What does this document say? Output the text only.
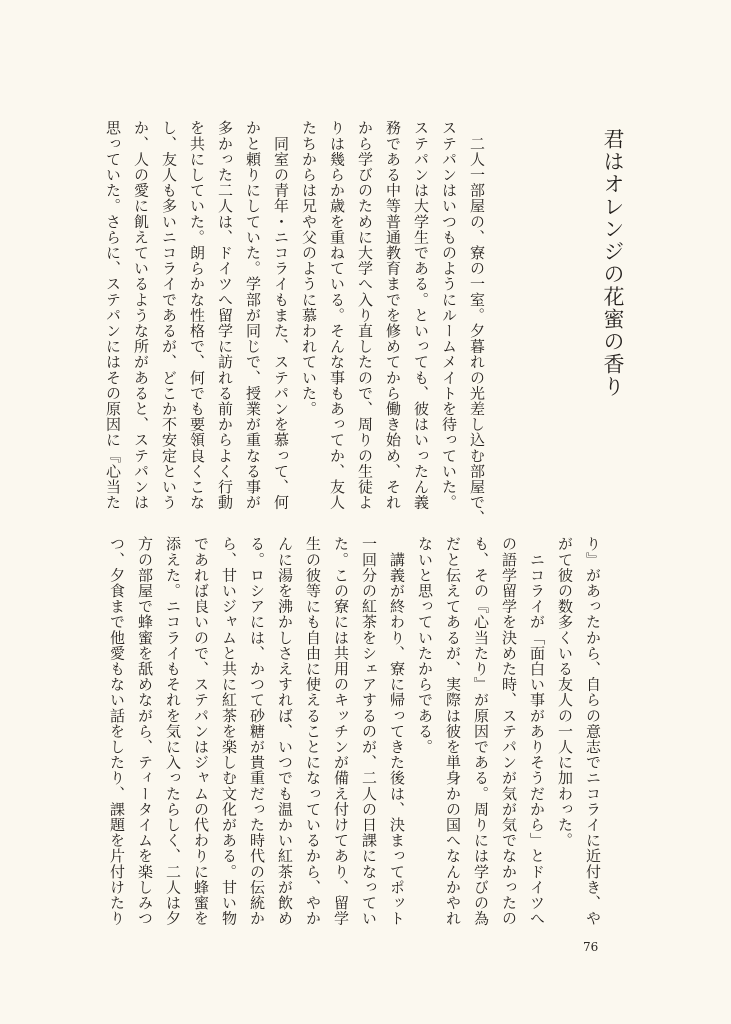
君はオレンジの花蜜の香り
　二人一部屋の、寮の一室。夕暮れの光差し込む部屋で、
ステパンはいつものようにルームメイトを待っていた。
ステパンは大学生である。といっても、彼はいったん義
務である中等普通教育までを修めてから働き始め、それ
から学びのために大学へ入り直したので、周りの生徒よ
りは幾らか歳を重ねている。そんな事もあってか、友人
たちからは兄や父のように慕われていた。
　同室の青年・ニコライもまた、ステパンを慕って、何
かと頼りにしていた。学部が同じで、授業が重なる事が
多かった二人は、ドイツへ留学に訪れる前からよく行動
を共にしていた。朗らかな性格で、何でも要領良くこな
し、友人も多いニコライであるが、どこか不安定という
か、人の愛に飢えているような所があると、ステパンは
思っていた。さらに、ステパンにはその原因に『心当た
り』があったから、自らの意志でニコライに近付き、や
がて彼の数多くいる友人の一人に加わった。
　ニコライが「面白い事がありそうだから」とドイツへ
の語学留学を決めた時、ステパンが気が気でなかったの
も、その『心当たり』が原因である。周りには学びの為
だと伝えてあるが、実際は彼を単身かの国へなんかやれ
ないと思っていたからである。
　講義が終わり、寮に帰ってきた後は、決まってポット
一回分の紅茶をシェアするのが、二人の日課になってい
た。この寮には共用のキッチンが備え付けてあり、留学
生の彼等にも自由に使えることになっているから、やか
んに湯を沸かしさえすれば、いつでも温かい紅茶が飲め
る。ロシアには、かつて砂糖が貴重だった時代の伝統か
ら、甘いジャムと共に紅茶を楽しむ文化がある。甘い物
であれば良いので、ステパンはジャムの代わりに蜂蜜を
添えた。ニコライもそれを気に入ったらしく、二人は夕
方の部屋で蜂蜜を舐めながら、ティータイムを楽しみつ
つ、夕食まで他愛もない話をしたり、課題を片付けたり
76
